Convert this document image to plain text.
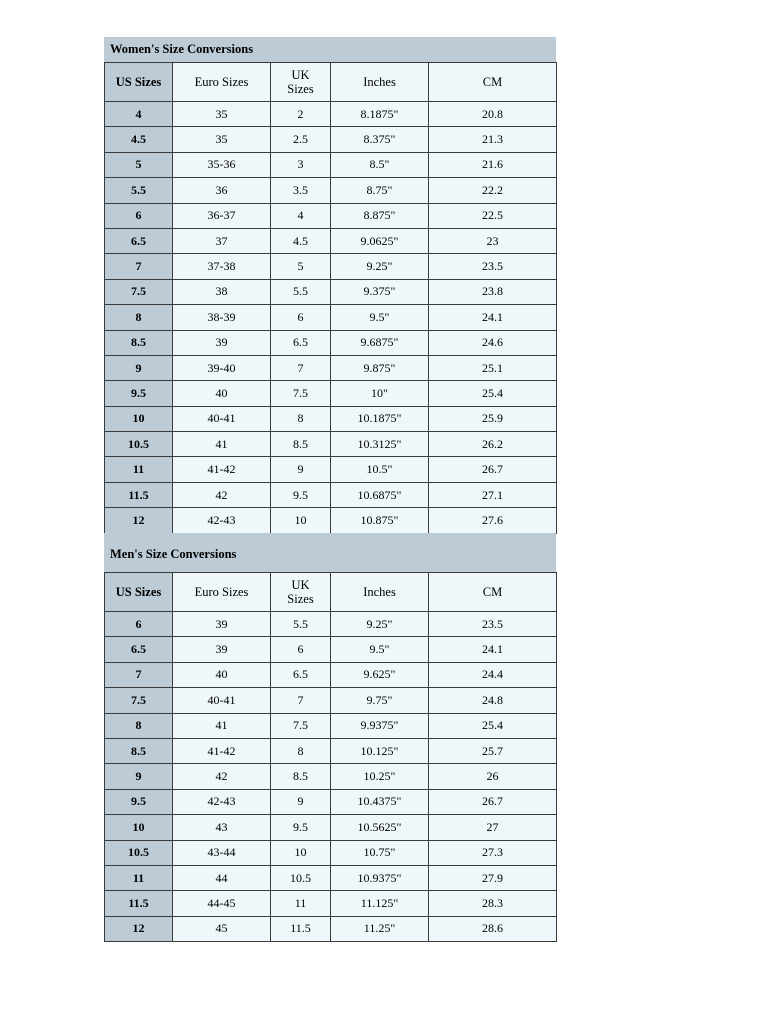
Women's Size Conversions
US Sizes	Euro Sizes	UK Sizes	Inches	CM
4	35	2	8.1875"	20.8
4.5	35	2.5	8.375"	21.3
5	35-36	3	8.5"	21.6
5.5	36	3.5	8.75"	22.2
6	36-37	4	8.875"	22.5
6.5	37	4.5	9.0625"	23
7	37-38	5	9.25"	23.5
7.5	38	5.5	9.375"	23.8
8	38-39	6	9.5"	24.1
8.5	39	6.5	9.6875"	24.6
9	39-40	7	9.875"	25.1
9.5	40	7.5	10"	25.4
10	40-41	8	10.1875"	25.9
10.5	41	8.5	10.3125"	26.2
11	41-42	9	10.5"	26.7
11.5	42	9.5	10.6875"	27.1
12	42-43	10	10.875"	27.6
Men's Size Conversions
US Sizes	Euro Sizes	UK Sizes	Inches	CM
6	39	5.5	9.25"	23.5
6.5	39	6	9.5"	24.1
7	40	6.5	9.625"	24.4
7.5	40-41	7	9.75"	24.8
8	41	7.5	9.9375"	25.4
8.5	41-42	8	10.125"	25.7
9	42	8.5	10.25"	26
9.5	42-43	9	10.4375"	26.7
10	43	9.5	10.5625"	27
10.5	43-44	10	10.75"	27.3
11	44	10.5	10.9375"	27.9
11.5	44-45	11	11.125"	28.3
12	45	11.5	11.25"	28.6
